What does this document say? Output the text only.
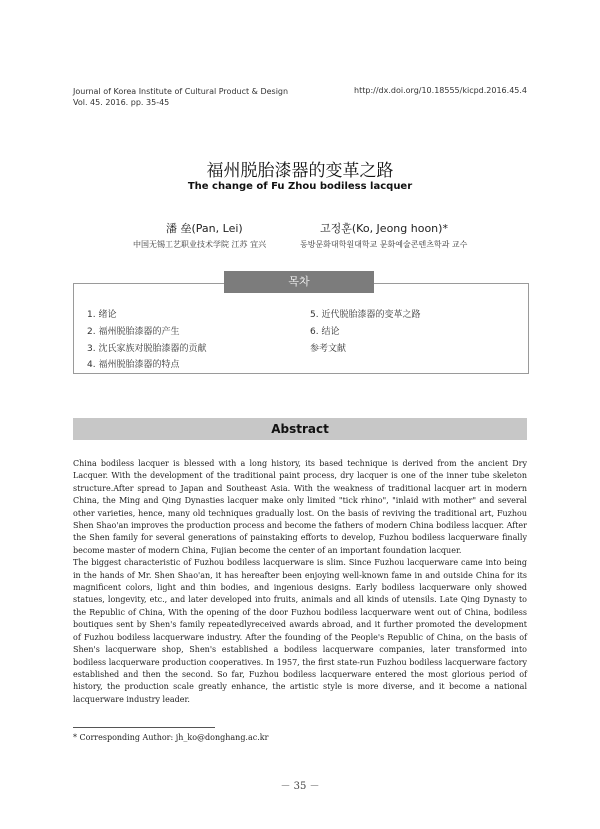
Journal of Korea Institute of Cultural Product & Design
Vol. 45. 2016. pp. 35-45
http://dx.doi.org/10.18555/kicpd.2016.45.4
福州脱胎漆器的变革之路
The change of Fu Zhou bodiless lacquer
潘 垒(Pan, Lei)
中国无锡工艺职业技术学院 江苏 宜兴
고정훈(Ko, Jeong hoon)*
동방문화대학원대학교 문화예술콘텐츠학과 교수
목차
1. 绪论
2. 福州脱胎漆器的产生
3. 沈氏家族对脱胎漆器的贡献
4. 福州脱胎漆器的特点
5. 近代脱胎漆器的变革之路
6. 结论
参考文献
Abstract

China bodiless lacquer is blessed with a long history, its based technique is derived from the ancient Dry Lacquer. With the development of the traditional paint process, dry lacquer is one of the inner tube skeleton structure.After spread to Japan and Southeast Asia. With the weakness of traditional lacquer art in modern China, the Ming and Qing Dynasties lacquer make only limited "tick rhino", "inlaid with mother" and several other varieties, hence, many old techniques gradually lost. On the basis of reviving the traditional art, Fuzhou Shen Shao'an improves the production process and become the fathers of modern China bodiless lacquer. After the Shen family for several generations of painstaking efforts to develop, Fuzhou bodiless lacquerware finally become master of modern China, Fujian become the center of an important foundation lacquer.

The biggest characteristic of Fuzhou bodiless lacquerware is slim. Since Fuzhou lacquerware came into being in the hands of Mr. Shen Shao'an, it has hereafter been enjoying well-known fame in and outside China for its magnificent colors, light and thin bodies, and ingenious designs. Early bodiless lacquerware only showed statues, longevity, etc., and later developed into fruits, animals and all kinds of utensils. Late Qing Dynasty to the Republic of China, With the opening of the door Fuzhou bodiless lacquerware went out of China, bodiless boutiques sent by Shen's family repeatedlyreceived awards abroad, and it further promoted the development of Fuzhou bodiless lacquerware industry. After the founding of the People's Republic of China, on the basis of Shen's lacquerware shop, Shen's established a bodiless lacquerware companies, later transformed into bodiless lacquerware production cooperatives. In 1957, the first state-run Fuzhou bodiless lacquerware factory established and then the second. So far, Fuzhou bodiless lacquerware entered the most glorious period of history, the production scale greatly enhance, the artistic style is more diverse, and it become a national lacquerware industry leader.

* Corresponding Author: jh_ko@donghang.ac.kr
－ 35 －
